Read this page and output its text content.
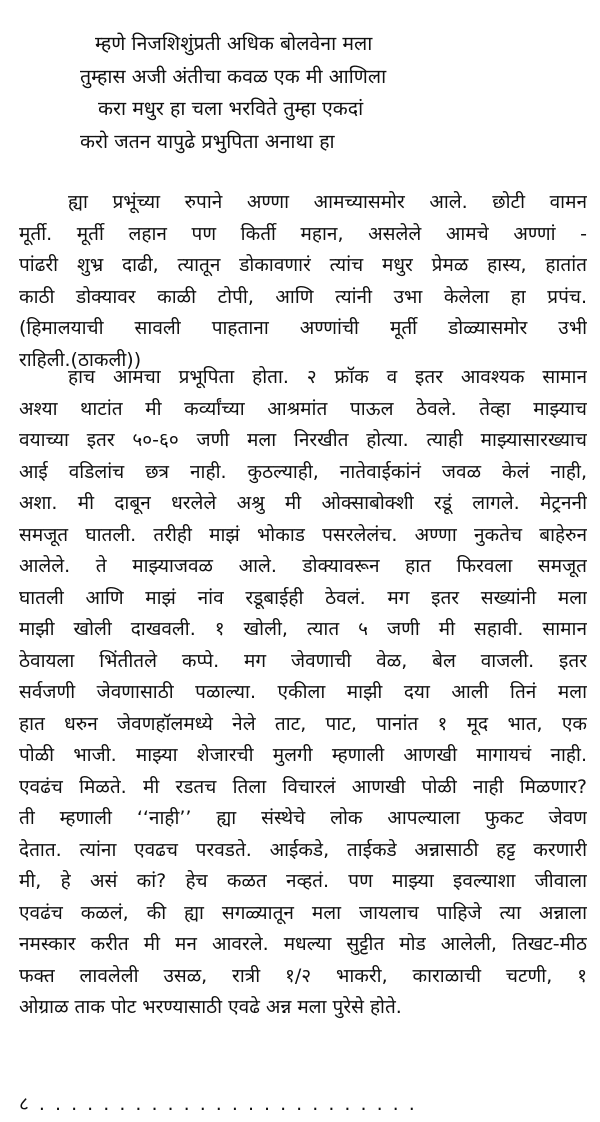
म्हणे निजशिशुंप्रती अधिक बोलवेना मला
तुम्हास अजी अंतीचा कवळ एक मी आणिला
करा मधुर हा चला भरविते तुम्हा एकदां
करो जतन यापुढे प्रभुपिता अनाथा हा
ह्या प्रभूंच्या रुपाने अण्णा आमच्यासमोर आले. छोटी वामन
मूर्ती. मूर्ती लहान पण किर्ती महान, असलेले आमचे अण्णां -
पांढरी शुभ्र दाढी, त्यातून डोकावणारं त्यांच मधुर प्रेमळ हास्य, हातांत
काठी डोक्यावर काळी टोपी, आणि त्यांनी उभा केलेला हा प्रपंच.
(हिमालयाची सावली पाहताना अण्णांची मूर्ती डोळ्यासमोर उभी
राहिली.(ठाकली))
हाच आमचा प्रभूपिता होता. २ फ्रॉक व इतर आवश्यक सामान
अश्या थाटांत मी कर्व्यांच्या आश्रमांत पाऊल ठेवले. तेव्हा माझ्याच
वयाच्या इतर ५०-६० जणी मला निरखीत होत्या. त्याही माझ्यासारख्याच
आई वडिलांच छत्र नाही. कुठल्याही, नातेवाईकांनं जवळ केलं नाही,
अशा. मी दाबून धरलेले अश्रु मी ओक्साबोक्शी रडूं लागले. मेट्रननी
समजूत घातली. तरीही माझं भोकाड पसरलेलंच. अण्णा नुकतेच बाहेरुन
आलेले. ते माझ्याजवळ आले. डोक्यावरून हात फिरवला समजूत
घातली आणि माझं नांव रडूबाईही ठेवलं. मग इतर सख्यांनी मला
माझी खोली दाखवली. १ खोली, त्यात ५ जणी मी सहावी. सामान
ठेवायला भिंतीतले कप्पे. मग जेवणाची वेळ, बेल वाजली. इतर
सर्वजणी जेवणासाठी पळाल्या. एकीला माझी दया आली तिनं मला
हात धरुन जेवणहॉलमध्ये नेले ताट, पाट, पानांत १ मूद भात, एक
पोळी भाजी. माझ्या शेजारची मुलगी म्हणाली आणखी मागायचं नाही.
एवढंच मिळते. मी रडतच तिला विचारलं आणखी पोळी नाही मिळणार?
ती म्हणाली ‘‘नाही’’ ह्या संस्थेचे लोक आपल्याला फुकट जेवण
देतात. त्यांना एवढच परवडते. आईकडे, ताईकडे अन्नासाठी हट्ट करणारी
मी, हे असं कां? हेच कळत नव्हतं. पण माझ्या इवल्याशा जीवाला
एवढंच कळलं, की ह्या सगळ्यातून मला जायलाच पाहिजे त्या अन्नाला
नमस्कार करीत मी मन आवरले. मधल्या सुट्टीत मोड आलेली, तिखट-मीठ
फक्त लावलेली उसळ, रात्री १/२ भाकरी, काराळाची चटणी, १
ओग्राळ ताक पोट भरण्यासाठी एवढे अन्न मला पुरेसे होते.
८ . . . . . . . . . . . . . . . . . . . . . . . .
